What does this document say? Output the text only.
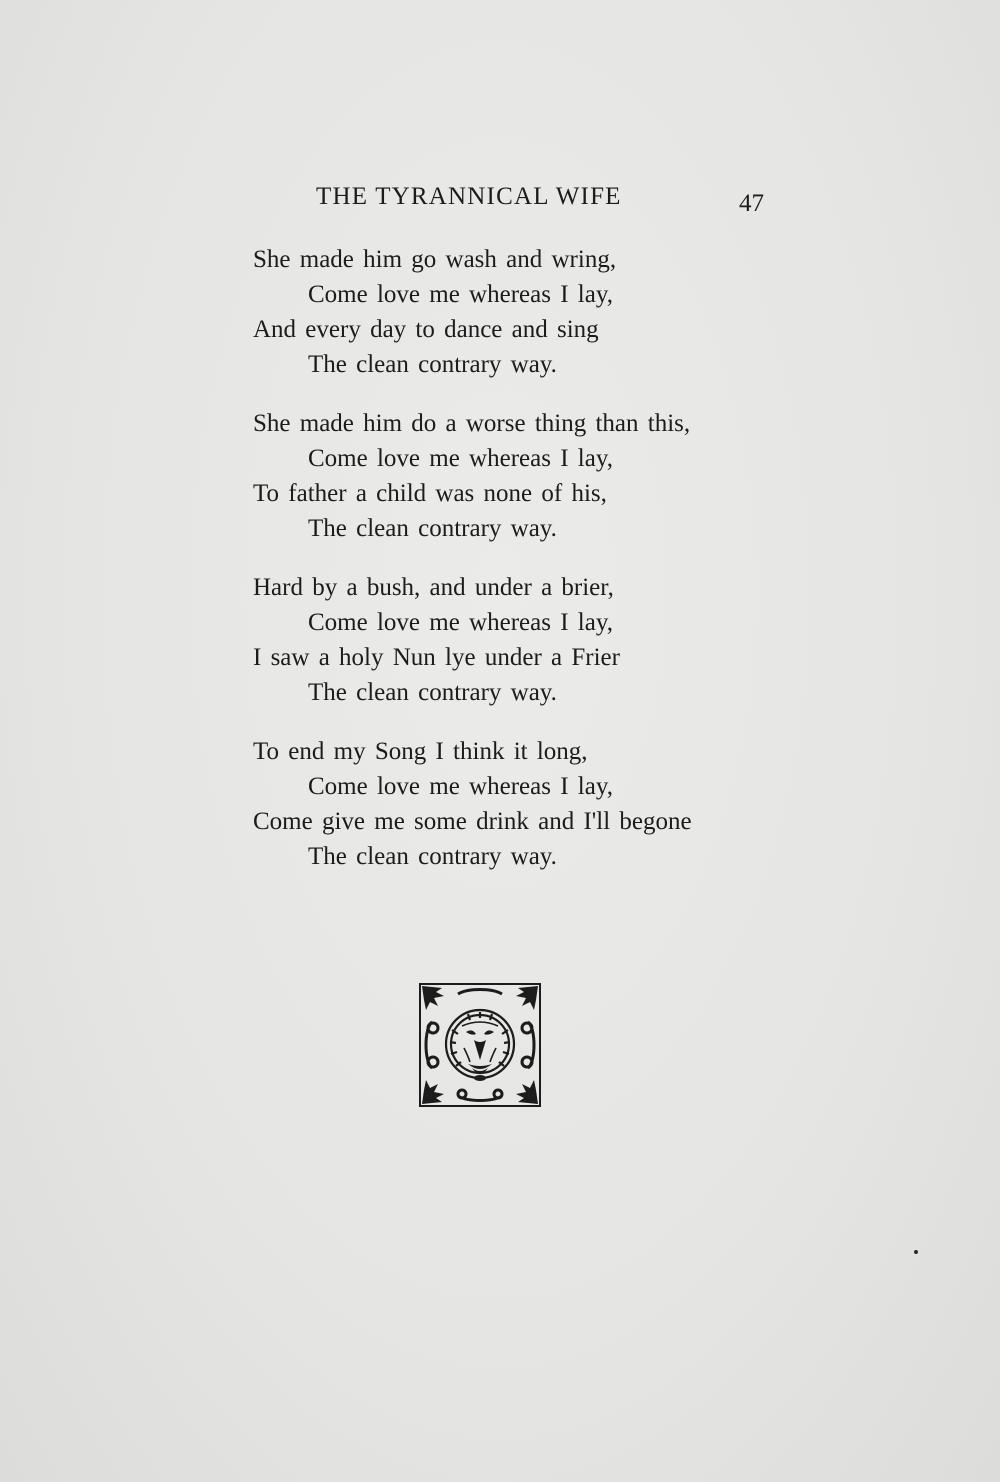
THE TYRANNICAL WIFE	47
She made him go wash and wring,
Come love me whereas I lay,
And every day to dance and sing
The clean contrary way.
She made him do a worse thing than this,
Come love me whereas I lay,
To father a child was none of his,
The clean contrary way.
Hard by a bush, and under a brier,
Come love me whereas I lay,
I saw a holy Nun lye under a Frier
The clean contrary way.
To end my Song I think it long,
Come love me whereas I lay,
Come give me some drink and I'll begone
The clean contrary way.
